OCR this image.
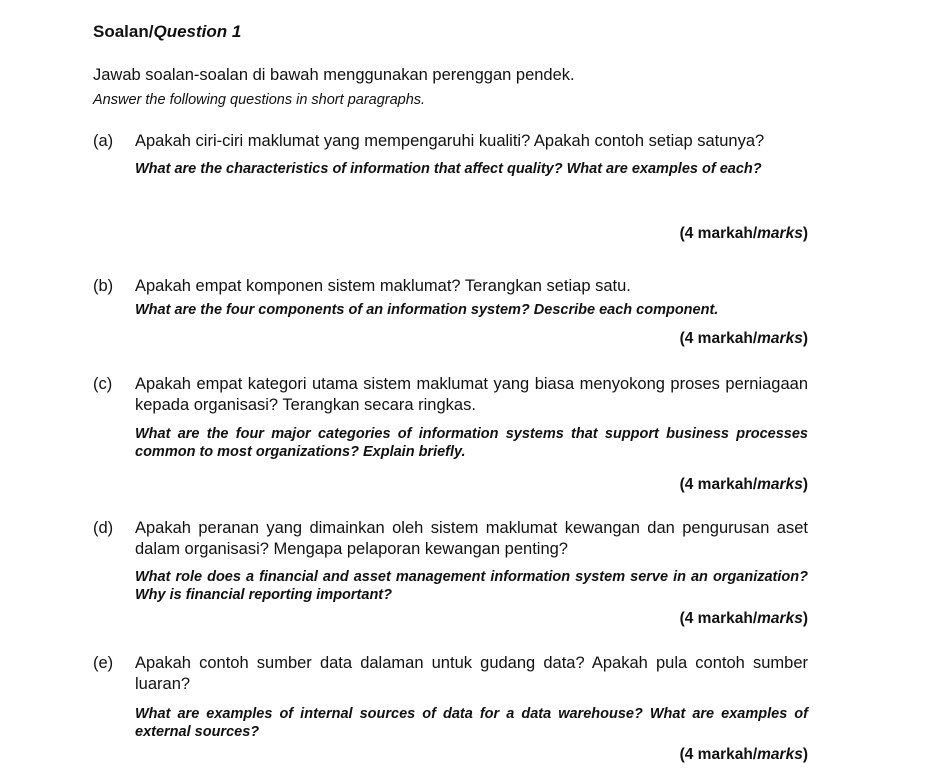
Soalan/Question 1
Jawab soalan-soalan di bawah menggunakan perenggan pendek.
Answer the following questions in short paragraphs.
(a) Apakah ciri-ciri maklumat yang mempengaruhi kualiti? Apakah contoh setiap satunya?
What are the characteristics of information that affect quality? What are examples of each?
(4 markah/marks)
(b) Apakah empat komponen sistem maklumat? Terangkan setiap satu.
What are the four components of an information system? Describe each component.
(4 markah/marks)
(c) Apakah empat kategori utama sistem maklumat yang biasa menyokong proses perniagaan kepada organisasi? Terangkan secara ringkas.
What are the four major categories of information systems that support business processes common to most organizations? Explain briefly.
(4 markah/marks)
(d) Apakah peranan yang dimainkan oleh sistem maklumat kewangan dan pengurusan aset dalam organisasi? Mengapa pelaporan kewangan penting?
What role does a financial and asset management information system serve in an organization? Why is financial reporting important?
(4 markah/marks)
(e) Apakah contoh sumber data dalaman untuk gudang data? Apakah pula contoh sumber luaran?
What are examples of internal sources of data for a data warehouse? What are examples of external sources?
(4 markah/marks)
